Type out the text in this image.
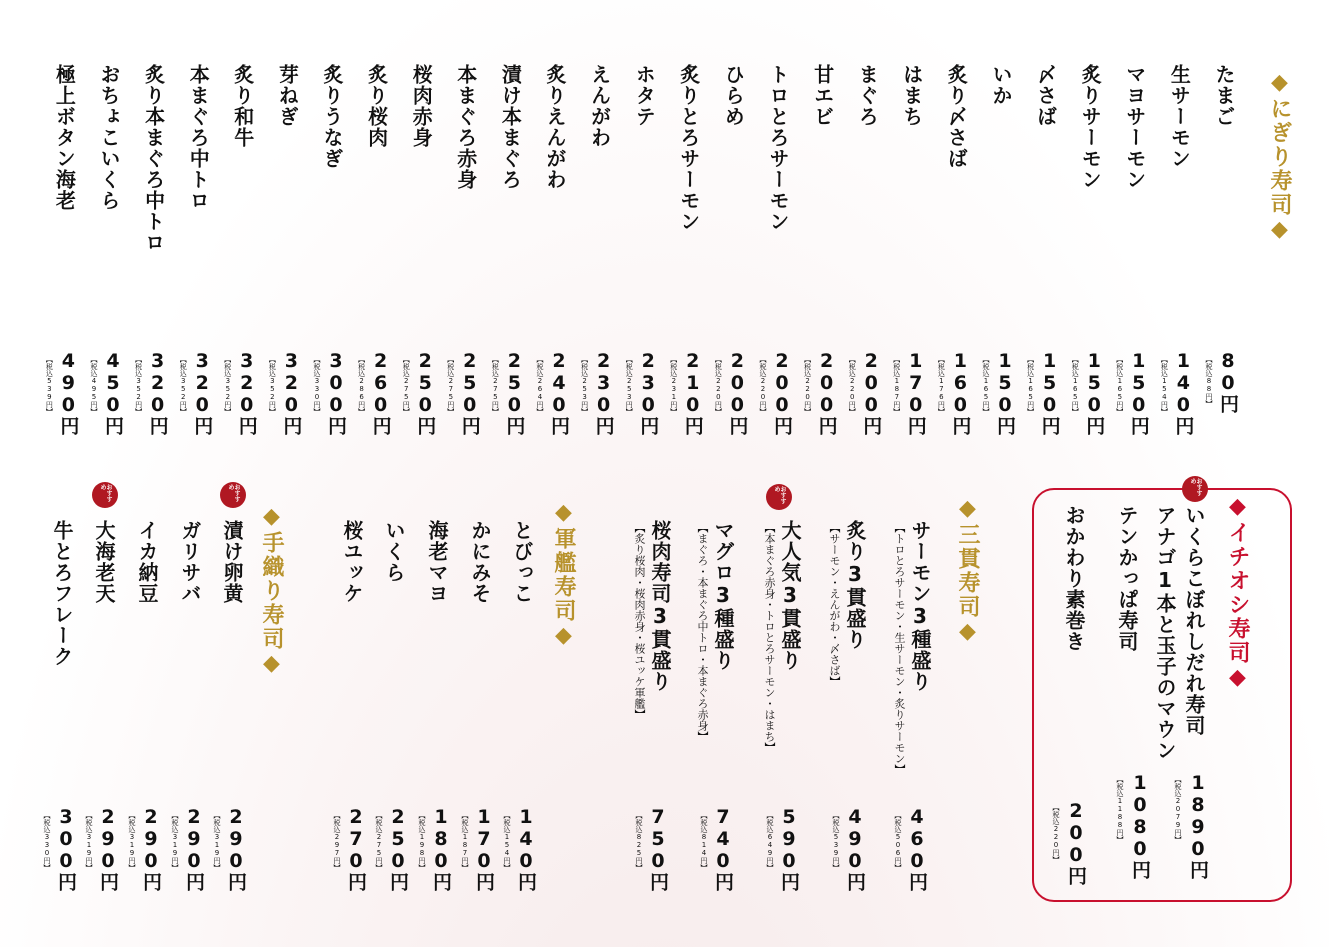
◆にぎり寿司◆
たまご
80円
【税込88円】
生サーモン
140円
【税込154円】
マヨサーモン
150円
【税込165円】
炙りサーモン
150円
【税込165円】
〆さば
150円
【税込165円】
いか
150円
【税込165円】
炙り〆さば
160円
【税込176円】
はまち
170円
【税込187円】
まぐろ
200円
【税込220円】
甘エビ
200円
【税込220円】
トロとろサーモン
200円
【税込220円】
ひらめ
200円
【税込220円】
炙りとろサーモン
210円
【税込231円】
ホタテ
230円
【税込253円】
えんがわ
230円
【税込253円】
炙りえんがわ
240円
【税込264円】
漬け本まぐろ
250円
【税込275円】
本まぐろ赤身
250円
【税込275円】
桜肉赤身
250円
【税込275円】
炙り桜肉
260円
【税込286円】
炙りうなぎ
300円
【税込330円】
芽ねぎ
320円
【税込352円】
炙り和牛
320円
【税込352円】
本まぐろ中トロ
320円
【税込352円】
炙り本まぐろ中トロ
320円
【税込352円】
おちょこいくら
450円
【税込495円】
極上ボタン海老
490円
【税込539円】
◆イチオシ寿司◆
おすすめ
いくらこぼれしだれ寿司
アナゴ1本と玉子のマウンテンかっぱ寿司
おかわり素巻き
1890円
【税込2079円】
1080円
【税込1188円】
200円
【税込220円】
◆三貫寿司◆
おすすめ
サーモン3種盛り
【トロとろサーモン・生サーモン・炙りサーモン】
460円
【税込506円】
炙り3貫盛り
【サーモン・えんがわ・〆さば】
490円
【税込539円】
大人気3貫盛り
【本まぐろ赤身・トロとろサーモン・はまち】
590円
【税込649円】
マグロ3種盛り
【まぐろ・本まぐろ中トロ・本まぐろ赤身】
740円
【税込814円】
桜肉寿司3貫盛り
【炙り桜肉・桜肉赤身・桜ユッケ軍艦】
750円
【税込825円】
◆軍艦寿司◆
とびっこ
140円
【税込154円】
かにみそ
170円
【税込187円】
海老マヨ
180円
【税込198円】
いくら
250円
【税込275円】
桜ユッケ
270円
【税込297円】
◆手織り寿司◆
おすすめ
おすすめ
漬け卵黄
290円
【税込319円】
ガリサバ
290円
【税込319円】
イカ納豆
290円
【税込319円】
大海老天
290円
【税込319円】
牛とろフレーク
300円
【税込330円】
